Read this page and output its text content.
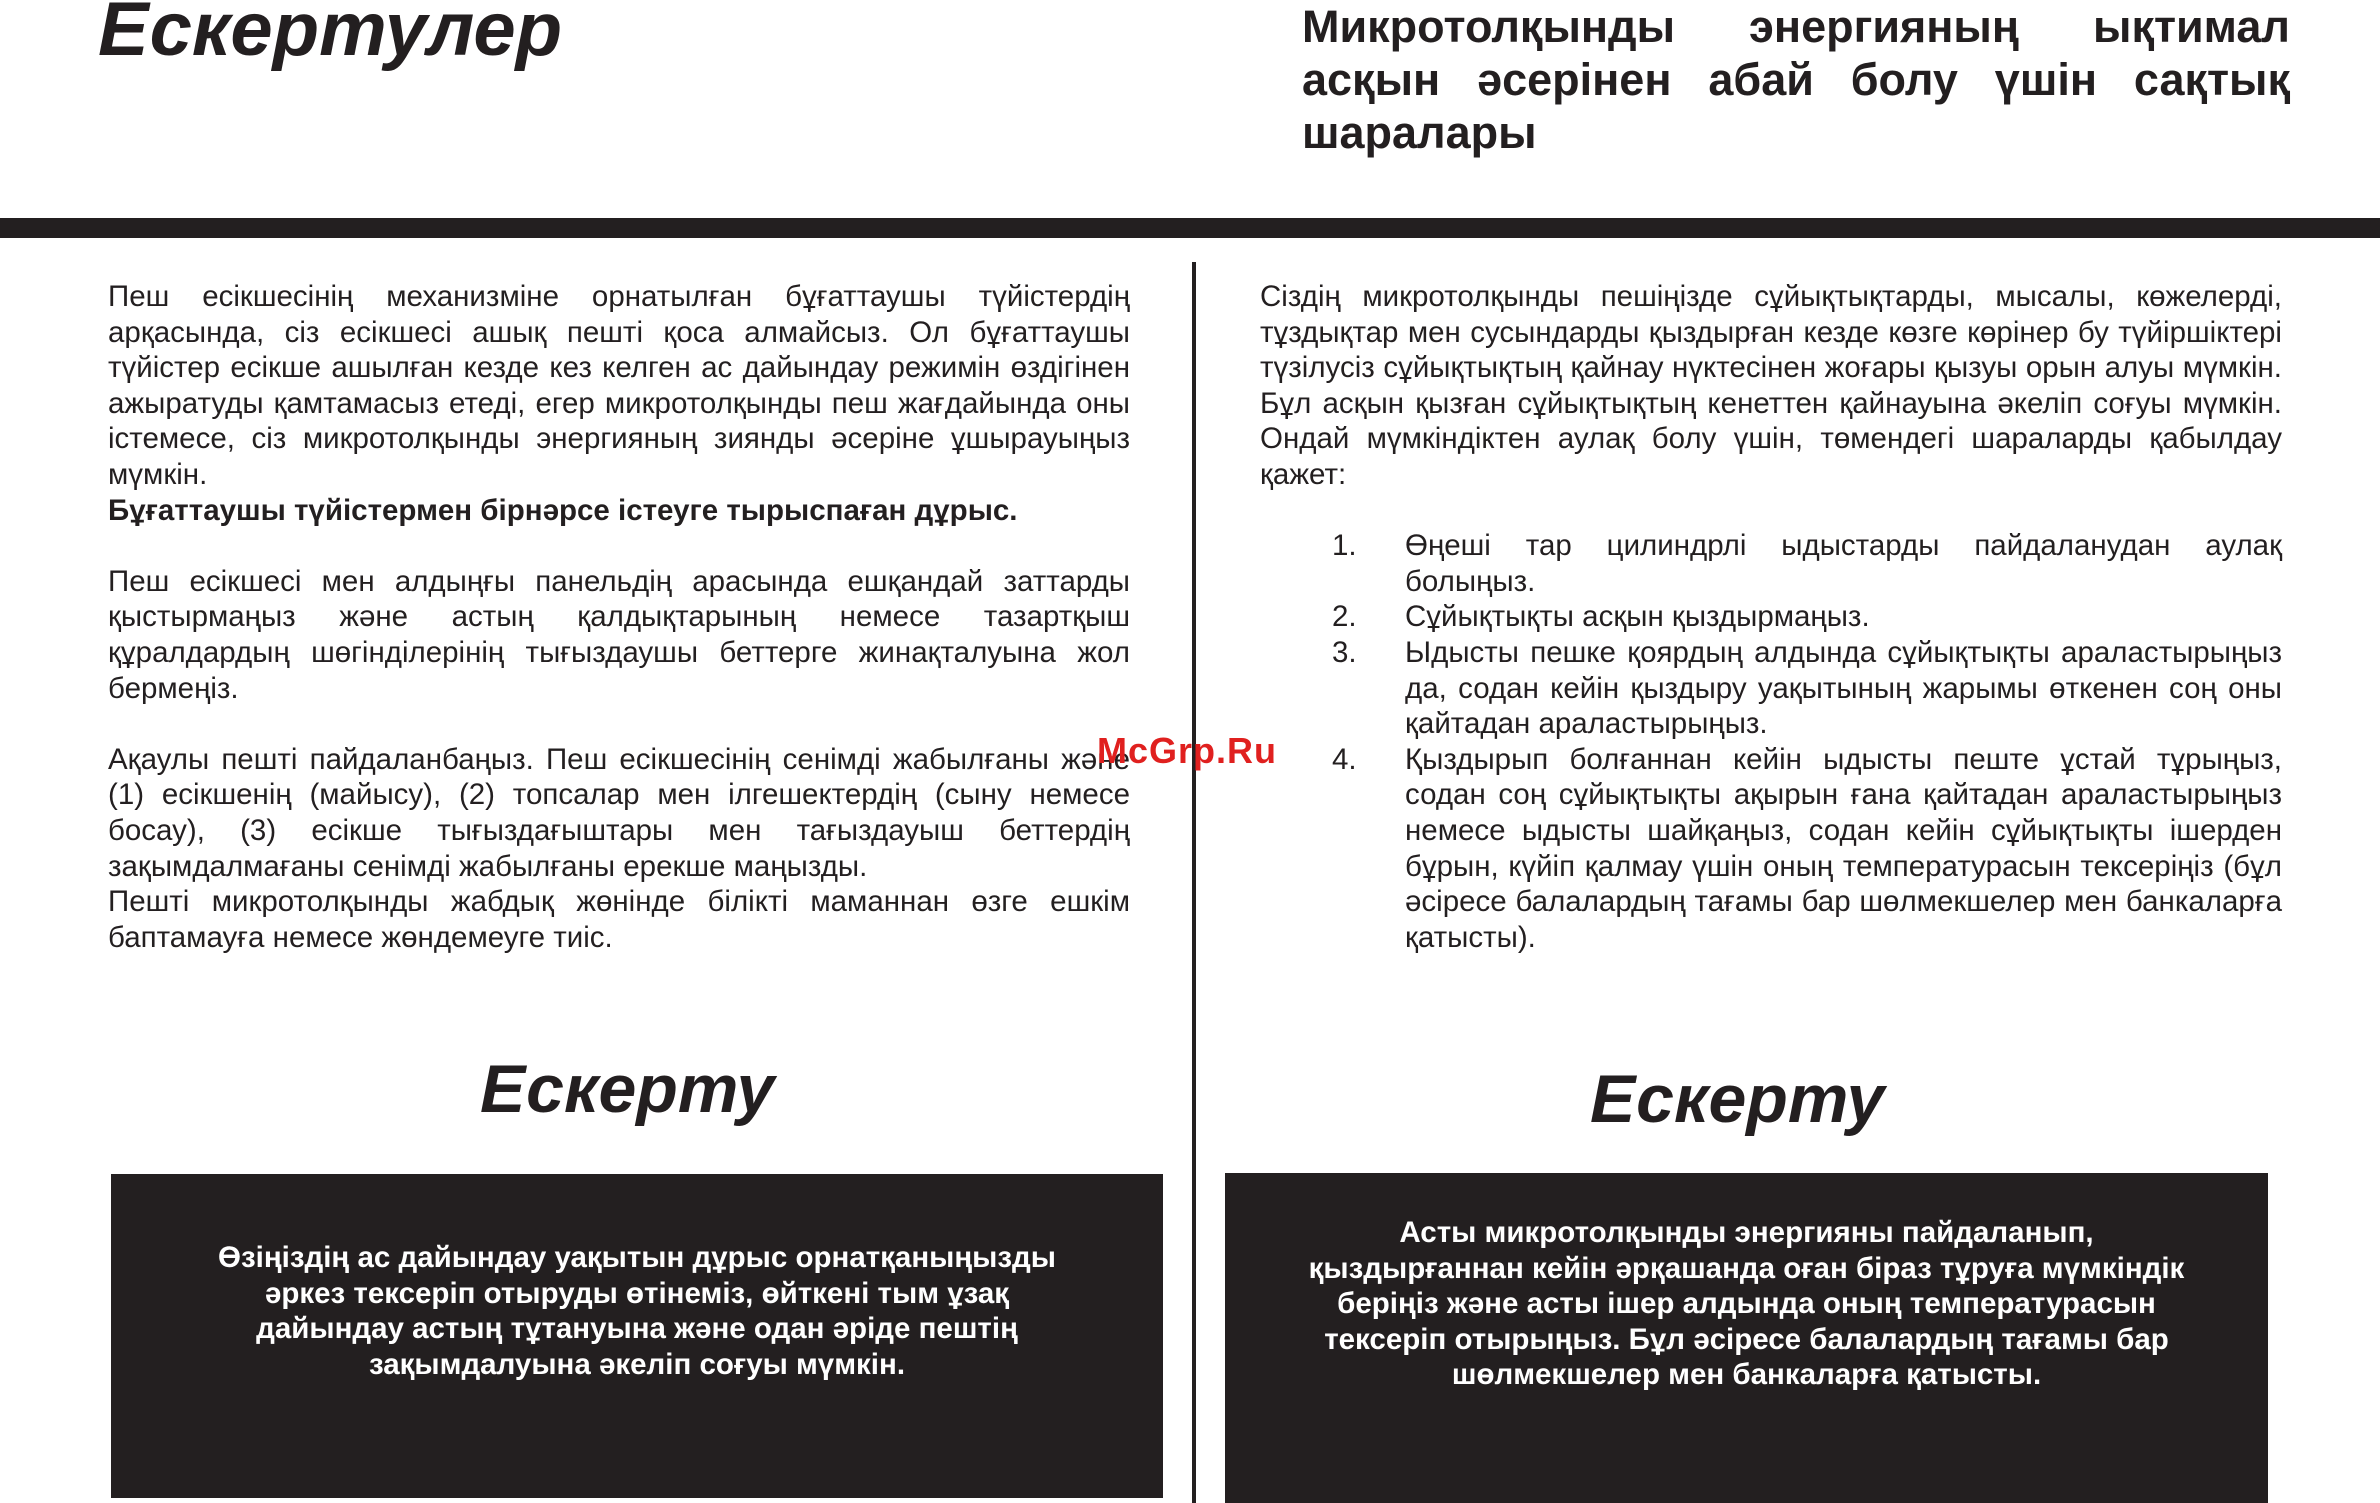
Ескертулер	Микротолқынды энергияның ықтимал асқын әсерінен абай болу үшін сақтық шаралары

Пеш есікшесінің механизміне орнатылған бұғаттаушы түйістердің арқасында, сіз есікшесі ашық пешті қоса алмайсыз. Ол бұғаттаушы түйістер есікше ашылған кезде кез келген ас дайындау режимін өздігінен ажыратуды қамтамасыз етеді, егер микротолқынды пеш жағдайында оны істемесе, сіз микротолқынды энергияның зиянды әсеріне ұшырауыңыз мүмкін.

Бұғаттаушы түйістермен бірнәрсе істеуге тырыспаған дұрыс.

Пеш есікшесі мен алдыңғы панельдің арасында ешқандай заттарды қыстырмаңыз және астың қалдықтарының немесе тазартқыш құралдардың шөгінділерінің тығыздаушы беттерге жинақталуына жол бермеңіз.

Ақаулы пешті пайдаланбаңыз. Пеш есікшесінің сенімді жабылғаны және (1) есікшенің (майысу), (2) топсалар мен ілгешектердің (сыну немесе босау), (3) есікше тығыздағыштары мен тағыздауыш беттердің зақымдалмағаны сенімді жабылғаны ерекше маңызды.

Пешті микротолқынды жабдық жөнінде білікті маманнан өзге ешкім баптамауға немесе жөндемеуге тиіс.

Сіздің микротолқынды пешіңізде сұйықтықтарды, мысалы, көжелерді, тұздықтар мен сусындарды қыздырған кезде көзге көрінер бу түйіршіктері түзілусіз сұйықтықтың қайнау нүктесінен жоғары қызуы орын алуы мүмкін. Бұл асқын қызған сұйықтықтың кенеттен қайнауына әкеліп соғуы мүмкін. Ондай мүмкіндіктен аулақ болу үшін, төмендегі шараларды қабылдау қажет:

1. Өңеші тар цилиндрлі ыдыстарды пайдаланудан аулақ болыңыз.
2. Сұйықтықты асқын қыздырмаңыз.
3. Ыдысты пешке қоярдың алдында сұйықтықты араластырыңыз да, содан кейін қыздыру уақытының жарымы өткенен соң оны қайтадан араластырыңыз.
4. Қыздырып болғаннан кейін ыдысты пеште ұстай тұрыңыз, содан соң сұйықтықты ақырын ғана қайтадан араластырыңыз немесе ыдысты шайқаңыз, содан кейін сұйықтықты ішерден бұрын, күйіп қалмау үшін оның температурасын тексеріңіз (бұл әсіресе балалардың тағамы бар шөлмекшелер мен банкаларға қатысты).
McGrp.Ru
Ескерту
Өзіңіздің ас дайындау уақытын дұрыс орнатқаныңызды әркез тексеріп отыруды өтінеміз, өйткені тым ұзақ дайындау астың тұтануына және одан әріде пештің зақымдалуына әкеліп соғуы мүмкін.
Ескерту
Асты микротолқынды энергияны пайдаланып, қыздырғаннан кейін әрқашанда оған біраз тұруға мүмкіндік беріңіз және асты ішер алдында оның температурасын тексеріп отырыңыз. Бұл әсіресе балалардың тағамы бар шөлмекшелер мен банкаларға қатысты.
